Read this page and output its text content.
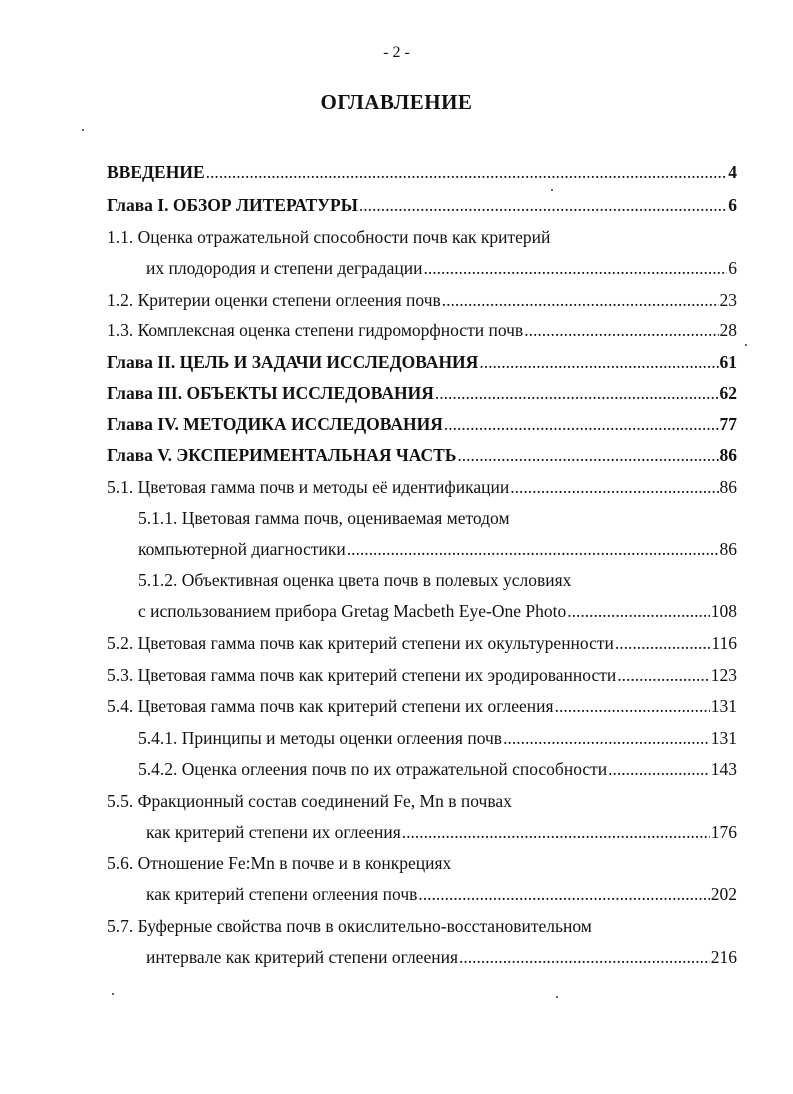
- 2 -
ОГЛАВЛЕНИЕ
ВВЕДЕНИЕ .....	4
Глава I. ОБЗОР ЛИТЕРАТУРЫ .....	6
1.1. Оценка отражательной способности почв как критерий
их плодородия и степени деградации .....	6
1.2. Критерии оценки степени оглеения почв .....	23
1.3. Комплексная оценка степени гидроморфности почв .....	28
Глава II. ЦЕЛЬ И ЗАДАЧИ ИССЛЕДОВАНИЯ .....	61
Глава III. ОБЪЕКТЫ ИССЛЕДОВАНИЯ .....	62
Глава IV. МЕТОДИКА ИССЛЕДОВАНИЯ .....	77
Глава V. ЭКСПЕРИМЕНТАЛЬНАЯ ЧАСТЬ .....	86
5.1. Цветовая гамма почв и методы её идентификации .....	86
5.1.1. Цветовая гамма почв, оцениваемая методом
компьютерной диагностики .....	86
5.1.2. Объективная оценка цвета почв в полевых условиях
с использованием прибора Gretag Macbeth Eye-One Photo .....	108
5.2. Цветовая гамма почв как критерий степени их окультуренности .....	116
5.3. Цветовая гамма почв как критерий степени их эродированности .....	123
5.4. Цветовая гамма почв как критерий степени их оглеения .....	131
5.4.1. Принципы и методы оценки оглеения почв .....	131
5.4.2. Оценка оглеения почв по их отражательной способности .....	143
5.5. Фракционный состав соединений Fe, Mn в почвах
как критерий степени их оглеения .....	176
5.6. Отношение Fe:Mn в почве и в конкрециях
как критерий степени оглеения почв .....	202
5.7. Буферные свойства почв в окислительно-восстановительном
интервале как критерий степени оглеения .....	216
